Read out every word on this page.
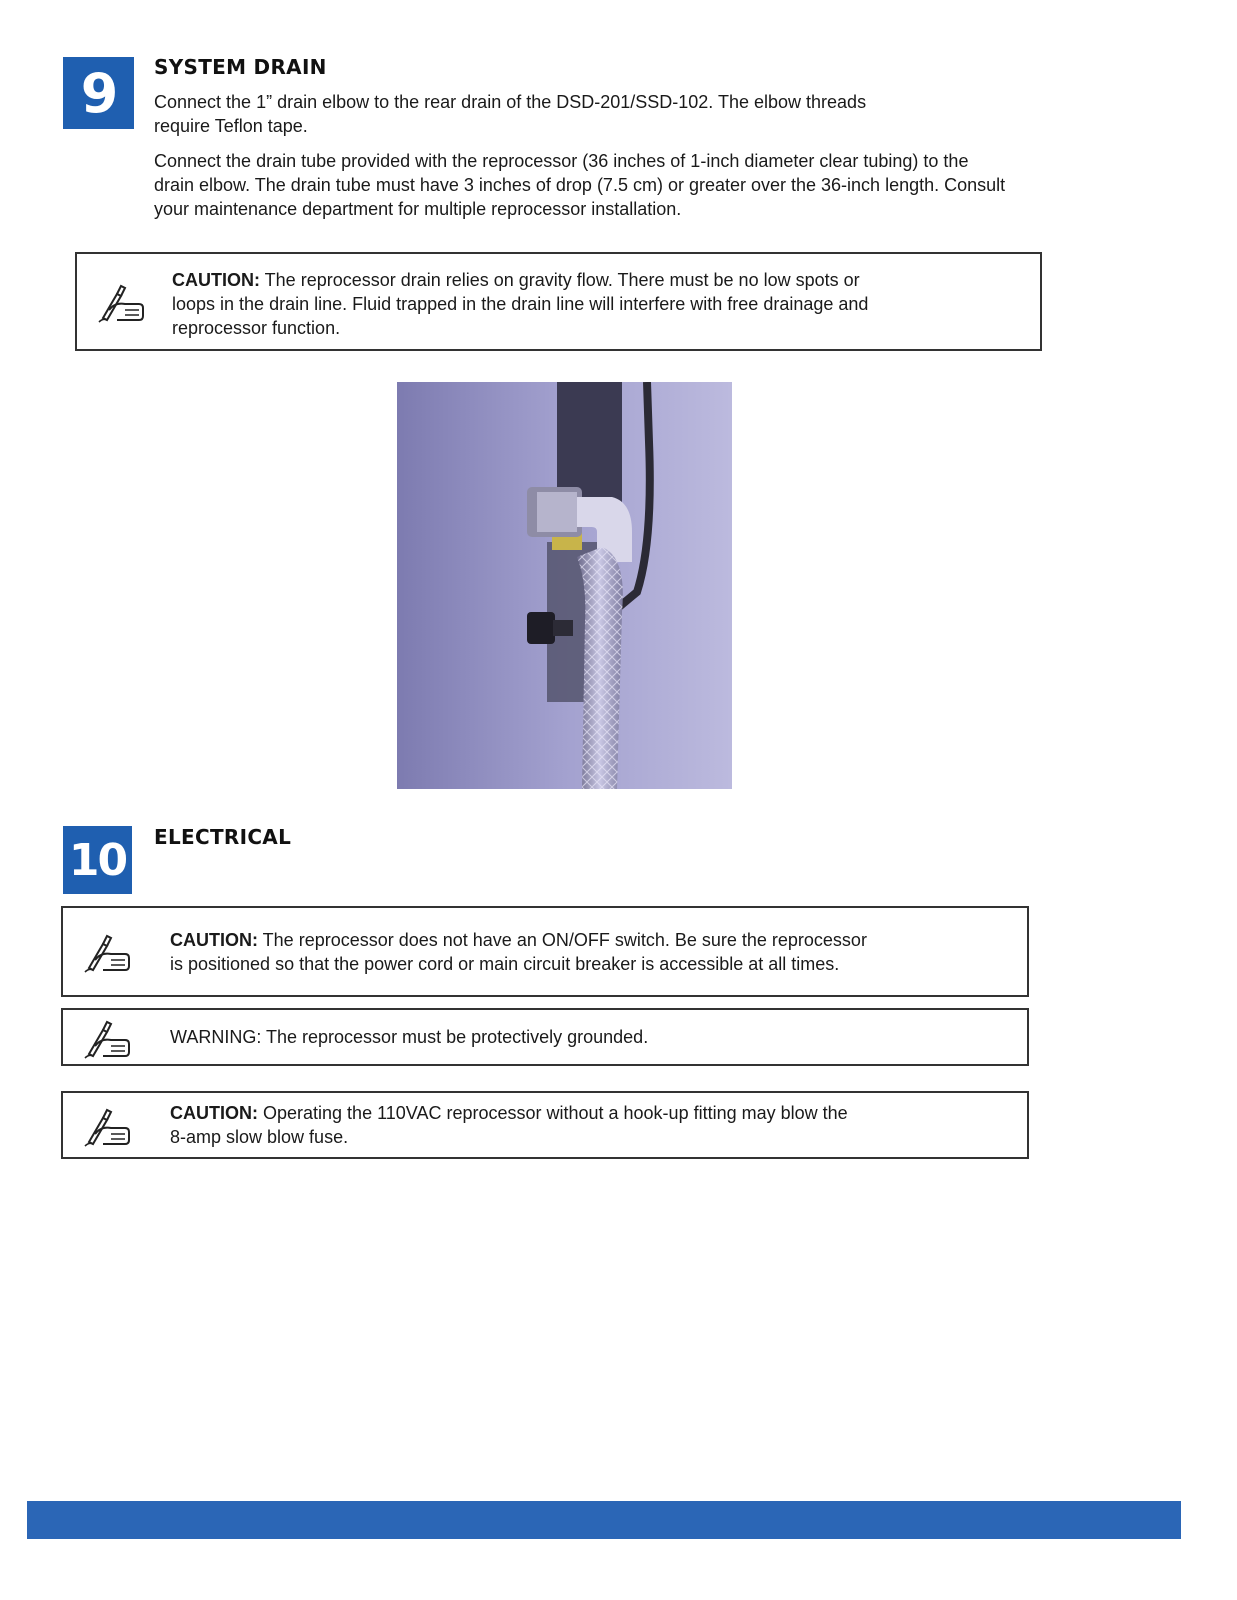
9 SYSTEM DRAIN
Connect the 1” drain elbow to the rear drain of the DSD-201/SSD-102. The elbow threads
require Teflon tape.
Connect the drain tube provided with the reprocessor (36 inches of 1-inch diameter clear tubing) to the
drain elbow. The drain tube must have 3 inches of drop (7.5 cm) or greater over the 36-inch length. Consult
your maintenance department for multiple reprocessor installation.
CAUTION: The reprocessor drain relies on gravity flow. There must be no low spots or
loops in the drain line. Fluid trapped in the drain line will interfere with free drainage and
reprocessor function.
10 ELECTRICAL
CAUTION: The reprocessor does not have an ON/OFF switch. Be sure the reprocessor
is positioned so that the power cord or main circuit breaker is accessible at all times.
WARNING: The reprocessor must be protectively grounded.
CAUTION: Operating the 110VAC reprocessor without a hook-up fitting may blow the
8-amp slow blow fuse.
